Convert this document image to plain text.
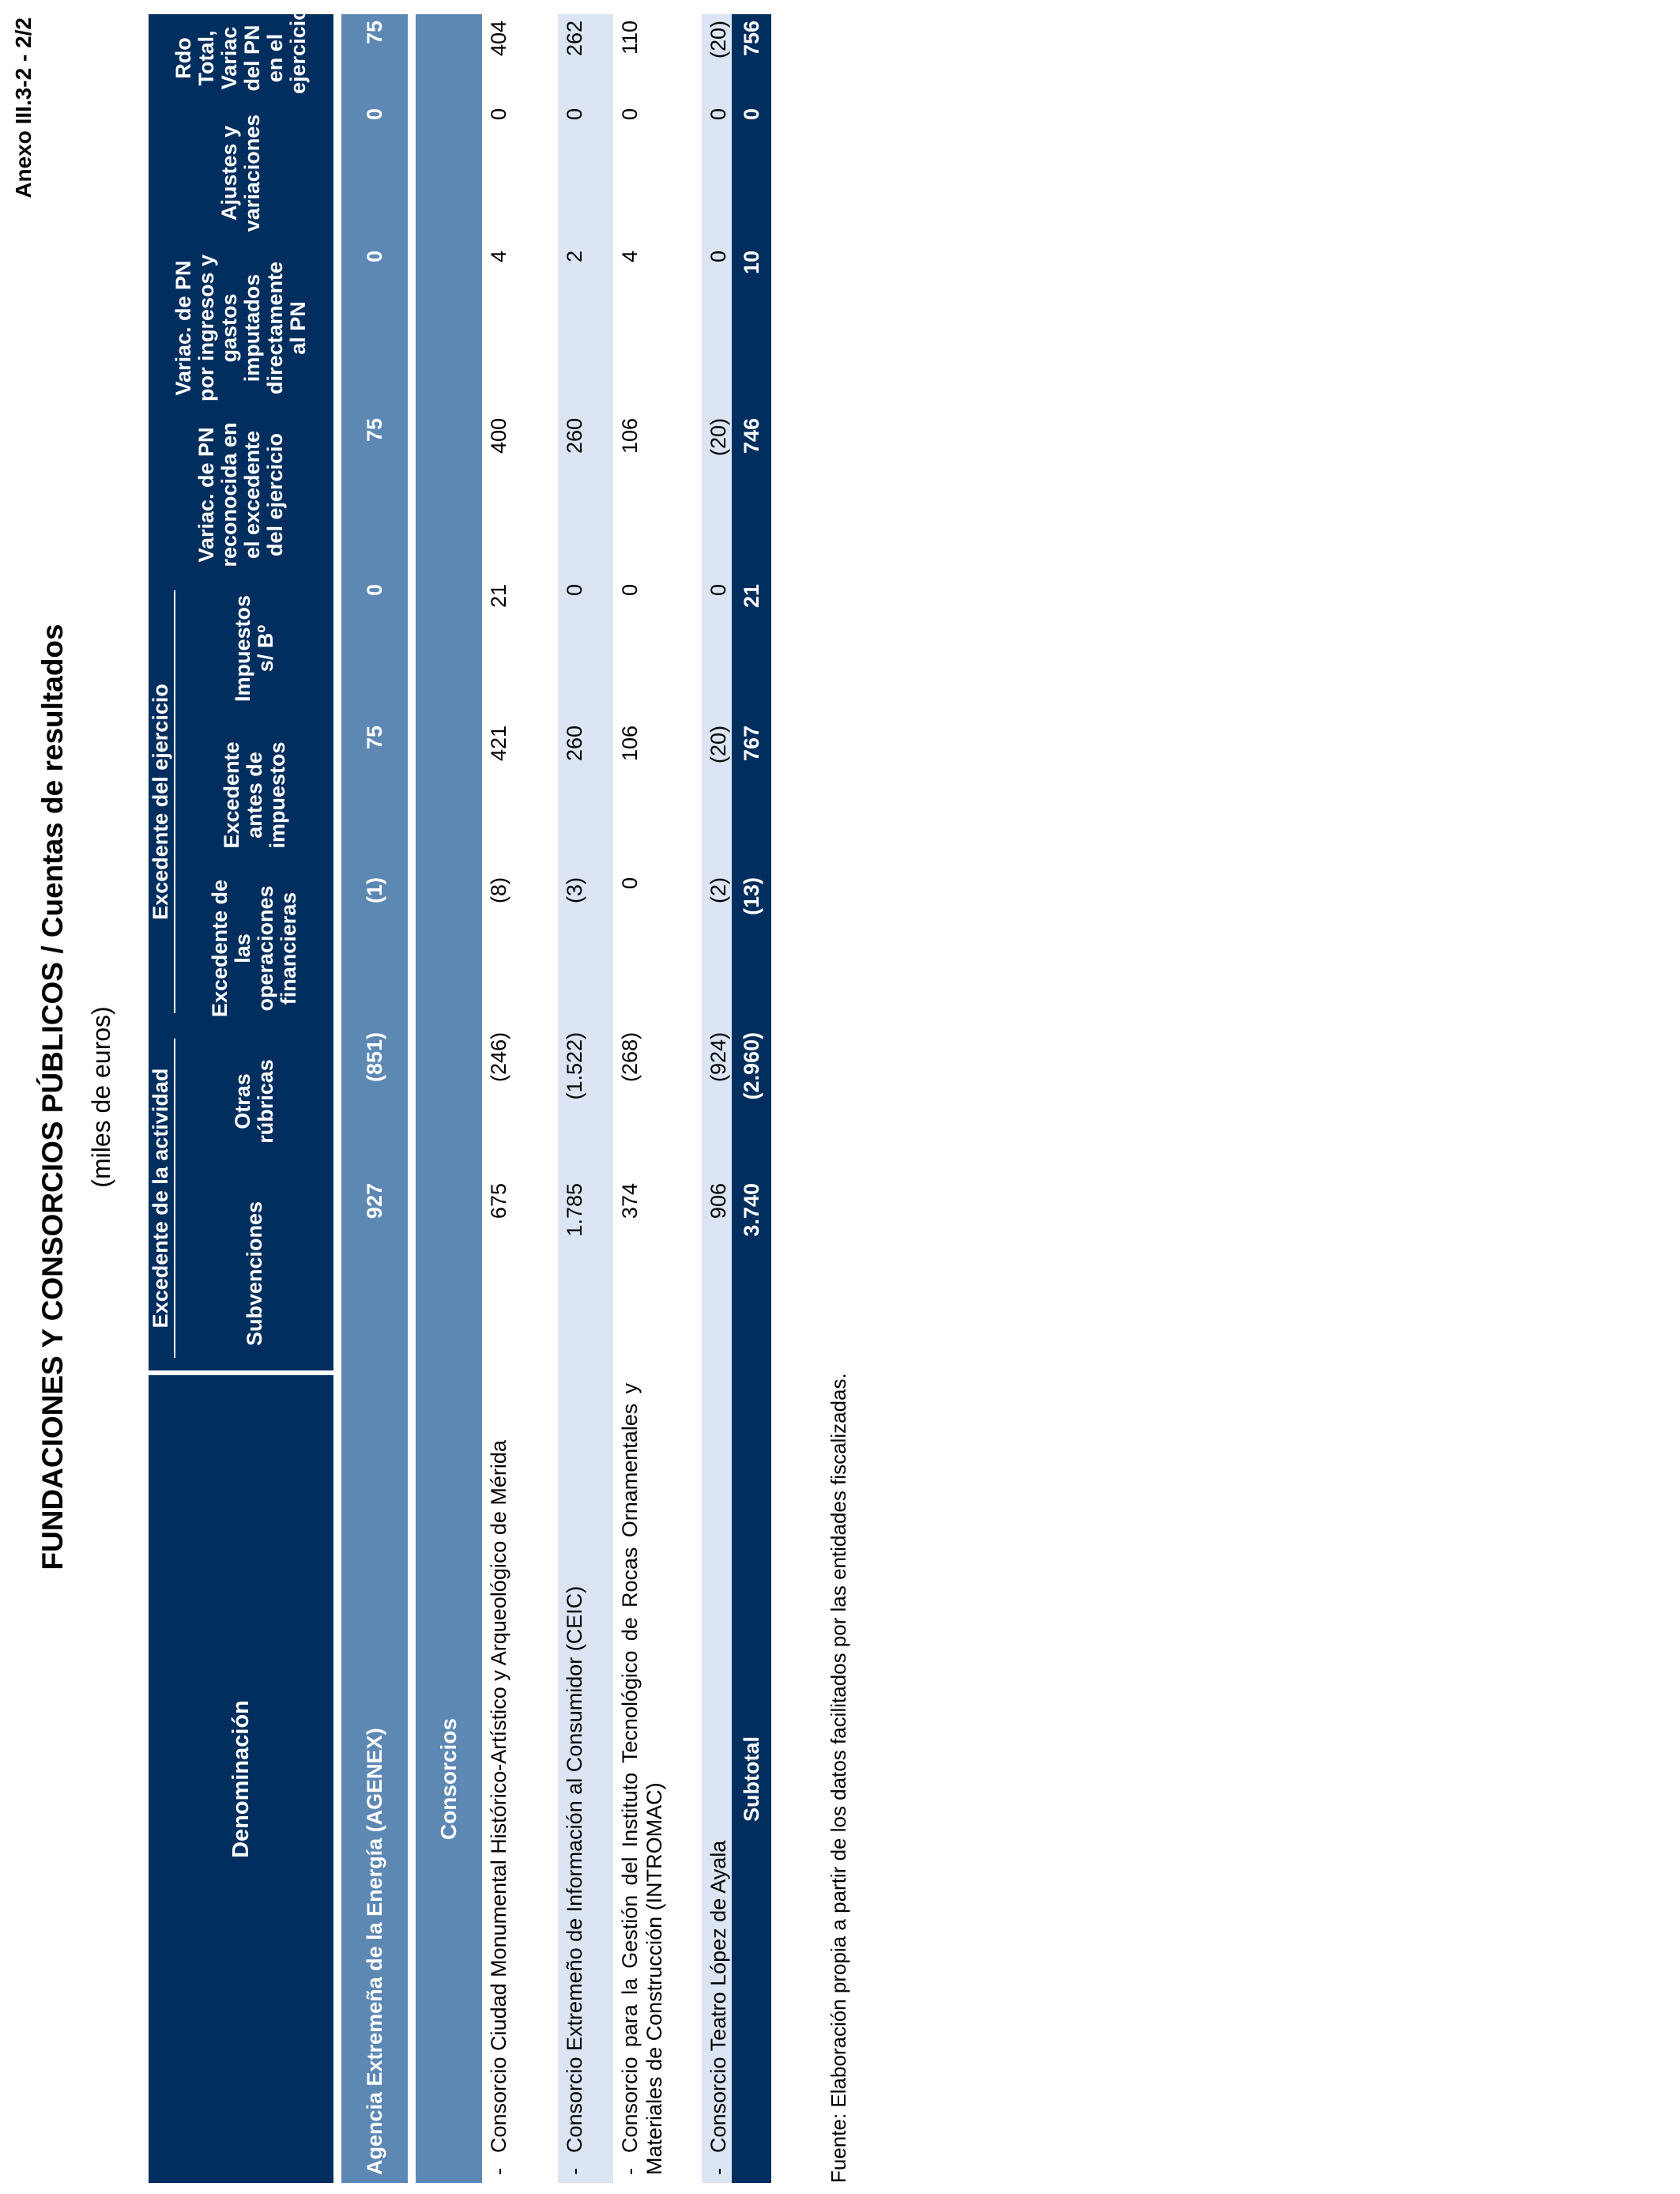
Anexo III.3-2 - 2/2
FUNDACIONES Y CONSORCIOS PÚBLICOS / Cuentas de resultados (miles de euros)
Denominación		Excedente de la actividad		Excedente del ejercicio			Variac. de PN reconocida en el excedente del ejercicio	Variac. de PN por ingresos y gastos imputados directamente al PN	Ajustes y variaciones	Rdo Total, Variac del PN en el ejercicio
		Subvenciones	Otras rúbricas	Excedente de las operaciones financieras	Excedente antes de impuestos	Impuestos s/ Bº				

Agencia Extremeña de la Energía (AGENEX)		927	(851)	(1)	75	0	75	0	0	75

Consorcios										
-Consorcio Ciudad Monumental Histórico-Artístico y Arqueológico de Mérida		675	(246)	(8)	421	21	400	4	0	404
-Consorcio Extremeño de Información al Consumidor (CEIC)		1.785	(1.522)	(3)	260	0	260	2	0	262
-Consorcio para la Gestión del Instituto Tecnológico de Rocas Ornamentales y Materiales de Construcción (INTROMAC)		374	(268)	0	106	0	106	4	0	110
-Consorcio Teatro López de Ayala		906	(924)	(2)	(20)	0	(20)	0	0	(20)
Subtotal		3.740	(2.960)	(13)	767	21	746	10	0	756
Fuente: Elaboración propia a partir de los datos facilitados por las entidades fiscalizadas.
